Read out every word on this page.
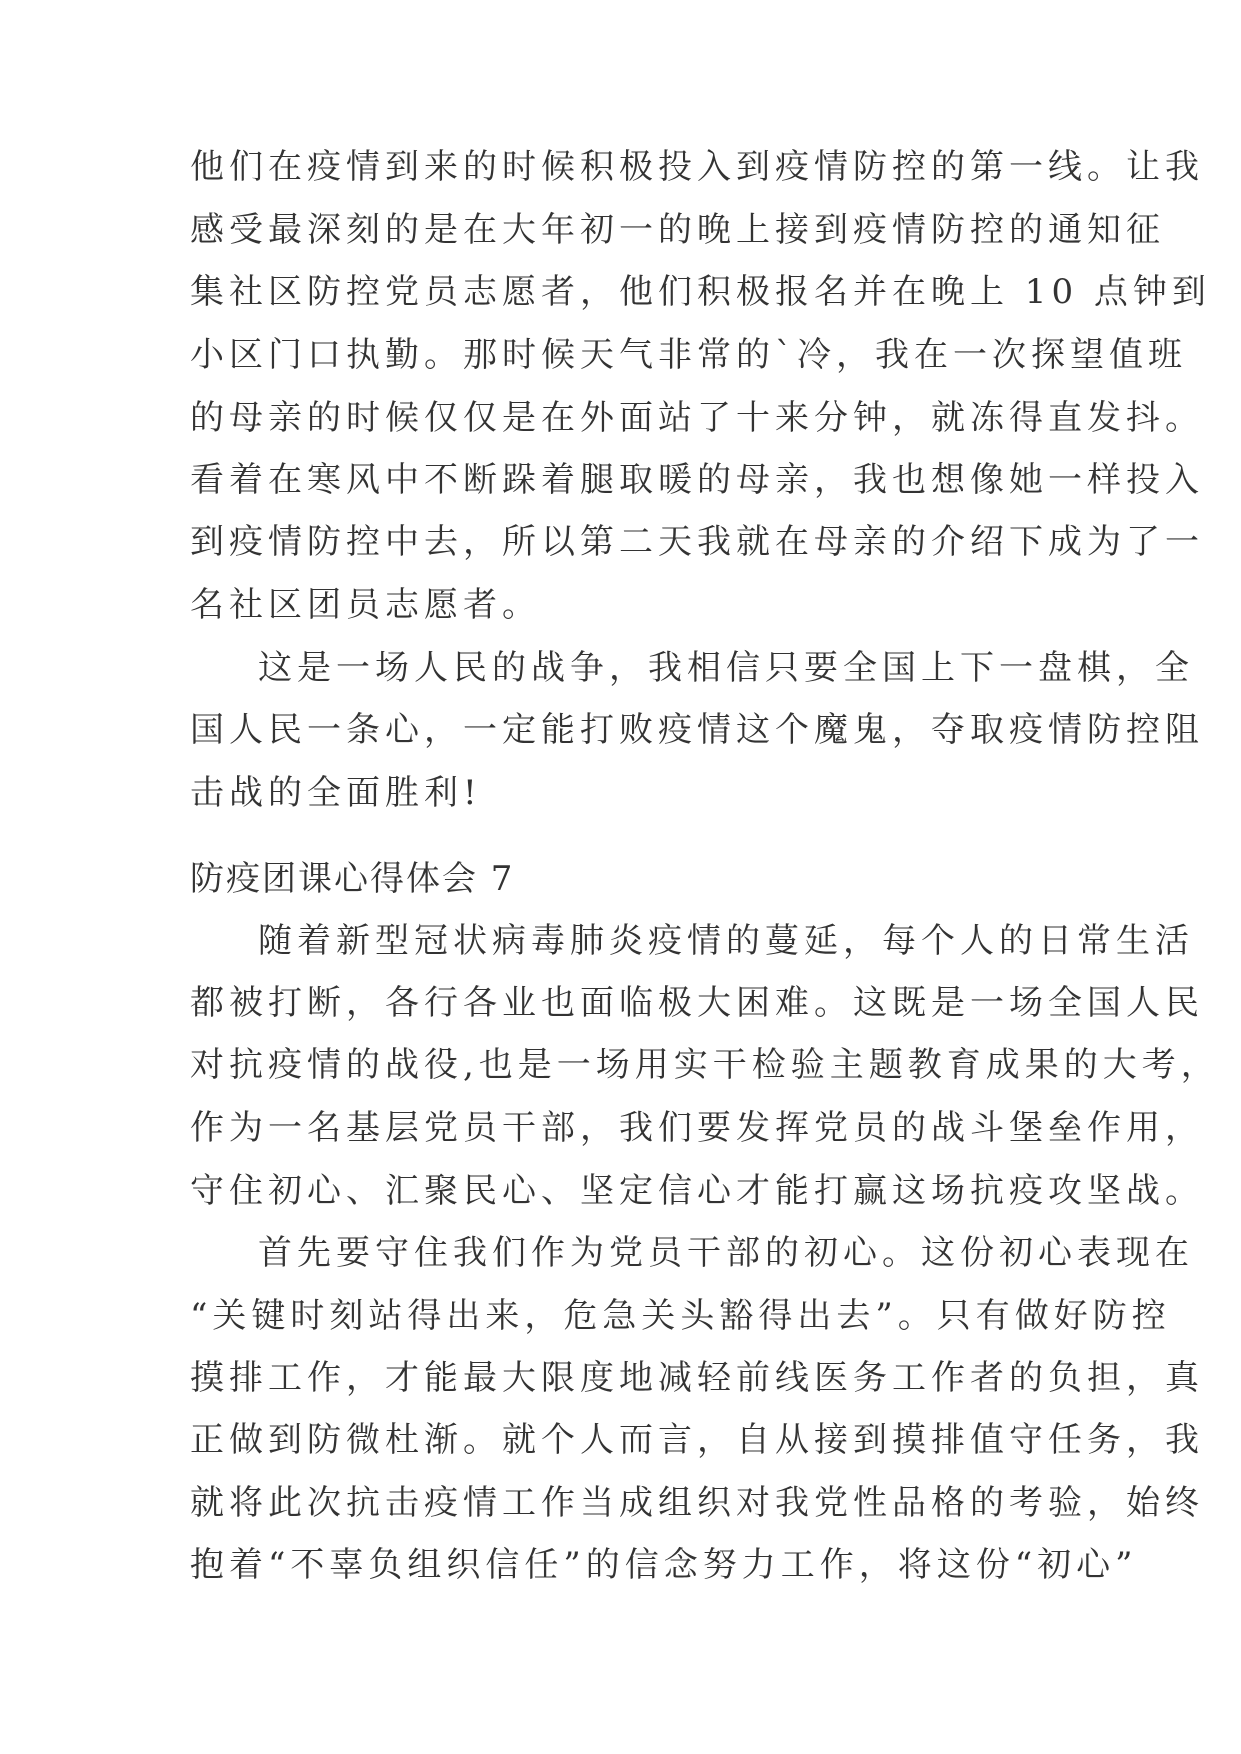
他们在疫情到来的时候积极投入到疫情防控的第一线。让我
感受最深刻的是在大年初一的晚上接到疫情防控的通知征
集社区防控党员志愿者，他们积极报名并在晚上 10 点钟到
小区门口执勤。那时候天气非常的`冷，我在一次探望值班
的母亲的时候仅仅是在外面站了十来分钟，就冻得直发抖。
看着在寒风中不断跺着腿取暖的母亲，我也想像她一样投入
到疫情防控中去，所以第二天我就在母亲的介绍下成为了一
名社区团员志愿者。
这是一场人民的战争，我相信只要全国上下一盘棋，全
国人民一条心，一定能打败疫情这个魔鬼，夺取疫情防控阻
击战的全面胜利!
防疫团课心得体会 7
随着新型冠状病毒肺炎疫情的蔓延，每个人的日常生活
都被打断，各行各业也面临极大困难。这既是一场全国人民
对抗疫情的战役,也是一场用实干检验主题教育成果的大考，
作为一名基层党员干部，我们要发挥党员的战斗堡垒作用，
守住初心、汇聚民心、坚定信心才能打赢这场抗疫攻坚战。
首先要守住我们作为党员干部的初心。这份初心表现在
“关键时刻站得出来，危急关头豁得出去”。只有做好防控
摸排工作，才能最大限度地减轻前线医务工作者的负担，真
正做到防微杜渐。就个人而言，自从接到摸排值守任务，我
就将此次抗击疫情工作当成组织对我党性品格的考验，始终
抱着“不辜负组织信任”的信念努力工作，将这份“初心”
